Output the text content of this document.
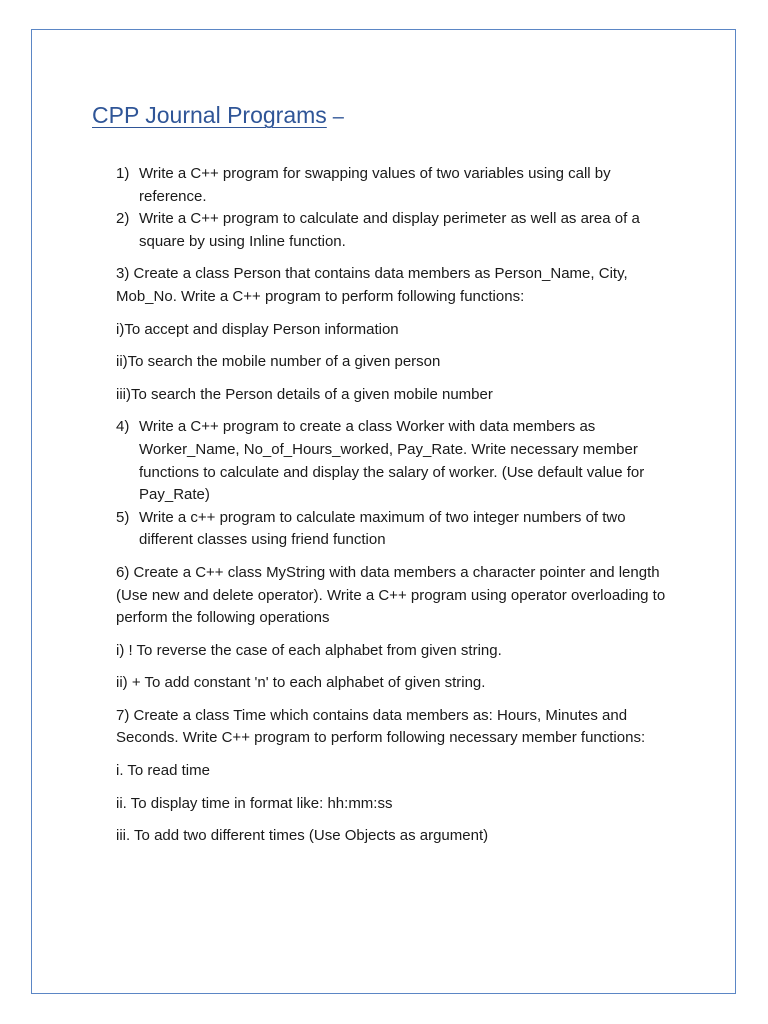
CPP Journal Programs –
1) Write a C++ program for swapping values of two variables using call by reference.
2) Write a C++ program to calculate and display perimeter as well as area of a square by using Inline function.

3) Create a class Person that contains data members as Person_Name, City, Mob_No. Write a C++ program to perform following functions:

i)To accept and display Person information

ii)To search the mobile number of a given person

iii)To search the Person details of a given mobile number

4) Write a C++ program to create a class Worker with data members as Worker_Name, No_of_Hours_worked, Pay_Rate. Write necessary member functions to calculate and display the salary of worker. (Use default value for Pay_Rate)
5) Write a c++ program to calculate maximum of two integer numbers of two different classes using friend function

6) Create a C++ class MyString with data members a character pointer and length (Use new and delete operator). Write a C++ program using operator overloading to perform the following operations

i) ! To reverse the case of each alphabet from given string.

ii) + To add constant 'n' to each alphabet of given string.

7) Create a class Time which contains data members as: Hours, Minutes and Seconds. Write C++ program to perform following necessary member functions:

i. To read time

ii. To display time in format like: hh:mm:ss

iii. To add two different times (Use Objects as argument)
